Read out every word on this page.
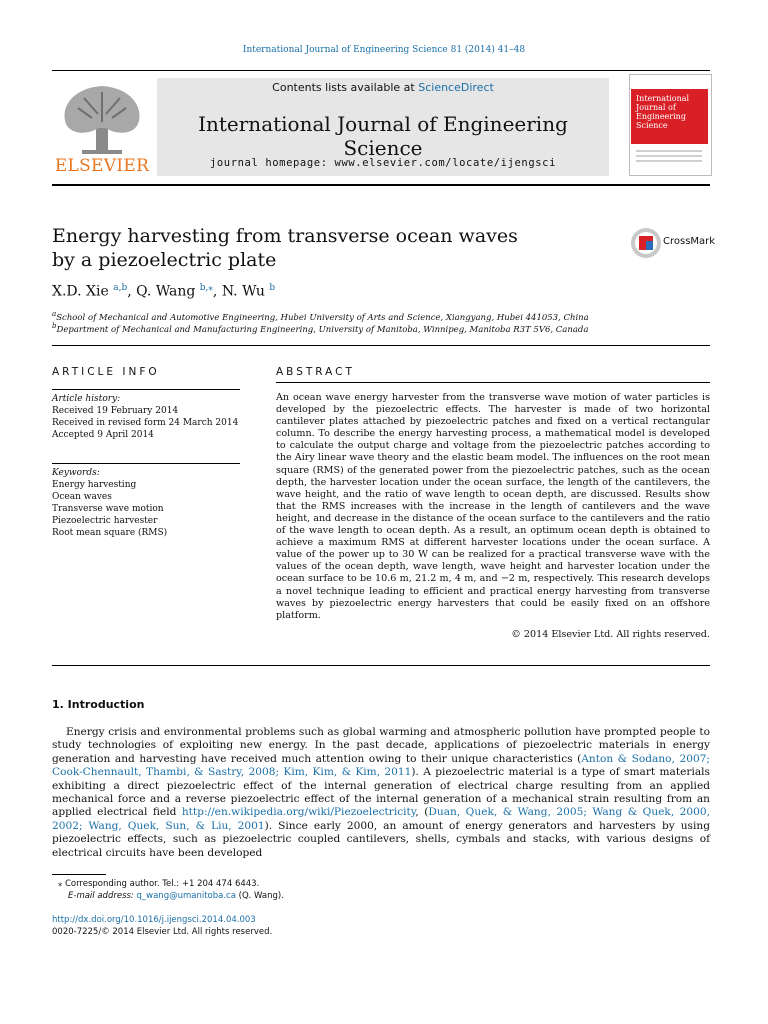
International Journal of Engineering Science 81 (2014) 41–48
ELSEVIER
Contents lists available at ScienceDirect
International Journal of Engineering Science
journal homepage: www.elsevier.com/locate/ijengsci
International Journal of Engineering Science
Energy harvesting from transverse ocean waves
by a piezoelectric plate
CrossMark
X.D. Xie $^{a,b}$, Q. Wang $^{b,⁎}$, N. Wu $^b$
$^a$School of Mechanical and Automotive Engineering, Hubei University of Arts and Science, Xiangyang, Hubei 441053, China
$^b$Department of Mechanical and Manufacturing Engineering, University of Manitoba, Winnipeg, Manitoba R3T 5V6, Canada
ARTICLE INFO
Article history:
Received 19 February 2014
Received in revised form 24 March 2014
Accepted 9 April 2014
Keywords:
Energy harvesting
Ocean waves
Transverse wave motion
Piezoelectric harvester
Root mean square (RMS)
ABSTRACT
An ocean wave energy harvester from the transverse wave motion of water particles is developed by the piezoelectric effects. The harvester is made of two horizontal cantilever plates attached by piezoelectric patches and fixed on a vertical rectangular column. To describe the energy harvesting process, a mathematical model is developed to calculate the output charge and voltage from the piezoelectric patches according to the Airy linear wave theory and the elastic beam model. The influences on the root mean square (RMS) of the generated power from the piezoelectric patches, such as the ocean depth, the harvester location under the ocean surface, the length of the cantilevers, the wave height, and the ratio of wave length to ocean depth, are discussed. Results show that the RMS increases with the increase in the length of cantilevers and the wave height, and decrease in the distance of the ocean surface to the cantilevers and the ratio of the wave length to ocean depth. As a result, an optimum ocean depth is obtained to achieve a maximum RMS at different harvester locations under the ocean surface. A value of the power up to 30 W can be realized for a practical transverse wave with the values of the ocean depth, wave length, wave height and harvester location under the ocean surface to be 10.6 m, 21.2 m, 4 m, and −2 m, respectively. This research develops a novel technique leading to efficient and practical energy harvesting from transverse waves by piezoelectric energy harvesters that could be easily fixed on an offshore platform.
© 2014 Elsevier Ltd. All rights reserved.
1. Introduction

Energy crisis and environmental problems such as global warming and atmospheric pollution have prompted people to study technologies of exploiting new energy. In the past decade, applications of piezoelectric materials in energy generation and harvesting have received much attention owing to their unique characteristics (Anton & Sodano, 2007; Cook-Chennault, Thambi, & Sastry, 2008; Kim, Kim, & Kim, 2011). A piezoelectric material is a type of smart materials exhibiting a direct piezoelectric effect of the internal generation of electrical charge resulting from an applied mechanical force and a reverse piezoelectric effect of the internal generation of a mechanical strain resulting from an applied electrical field http://en.wikipedia.org/wiki/Piezoelectricity, (Duan, Quek, & Wang, 2005; Wang & Quek, 2000, 2002; Wang, Quek, Sun, & Liu, 2001). Since early 2000, an amount of energy generators and harvesters by using piezoelectric effects, such as piezoelectric coupled cantilevers, shells, cymbals and stacks, with various designs of electrical circuits have been developed

⁎ Corresponding author. Tel.: +1 204 474 6443.
E-mail address: q_wang@umanitoba.ca (Q. Wang).
http://dx.doi.org/10.1016/j.ijengsci.2014.04.003
0020-7225/© 2014 Elsevier Ltd. All rights reserved.
